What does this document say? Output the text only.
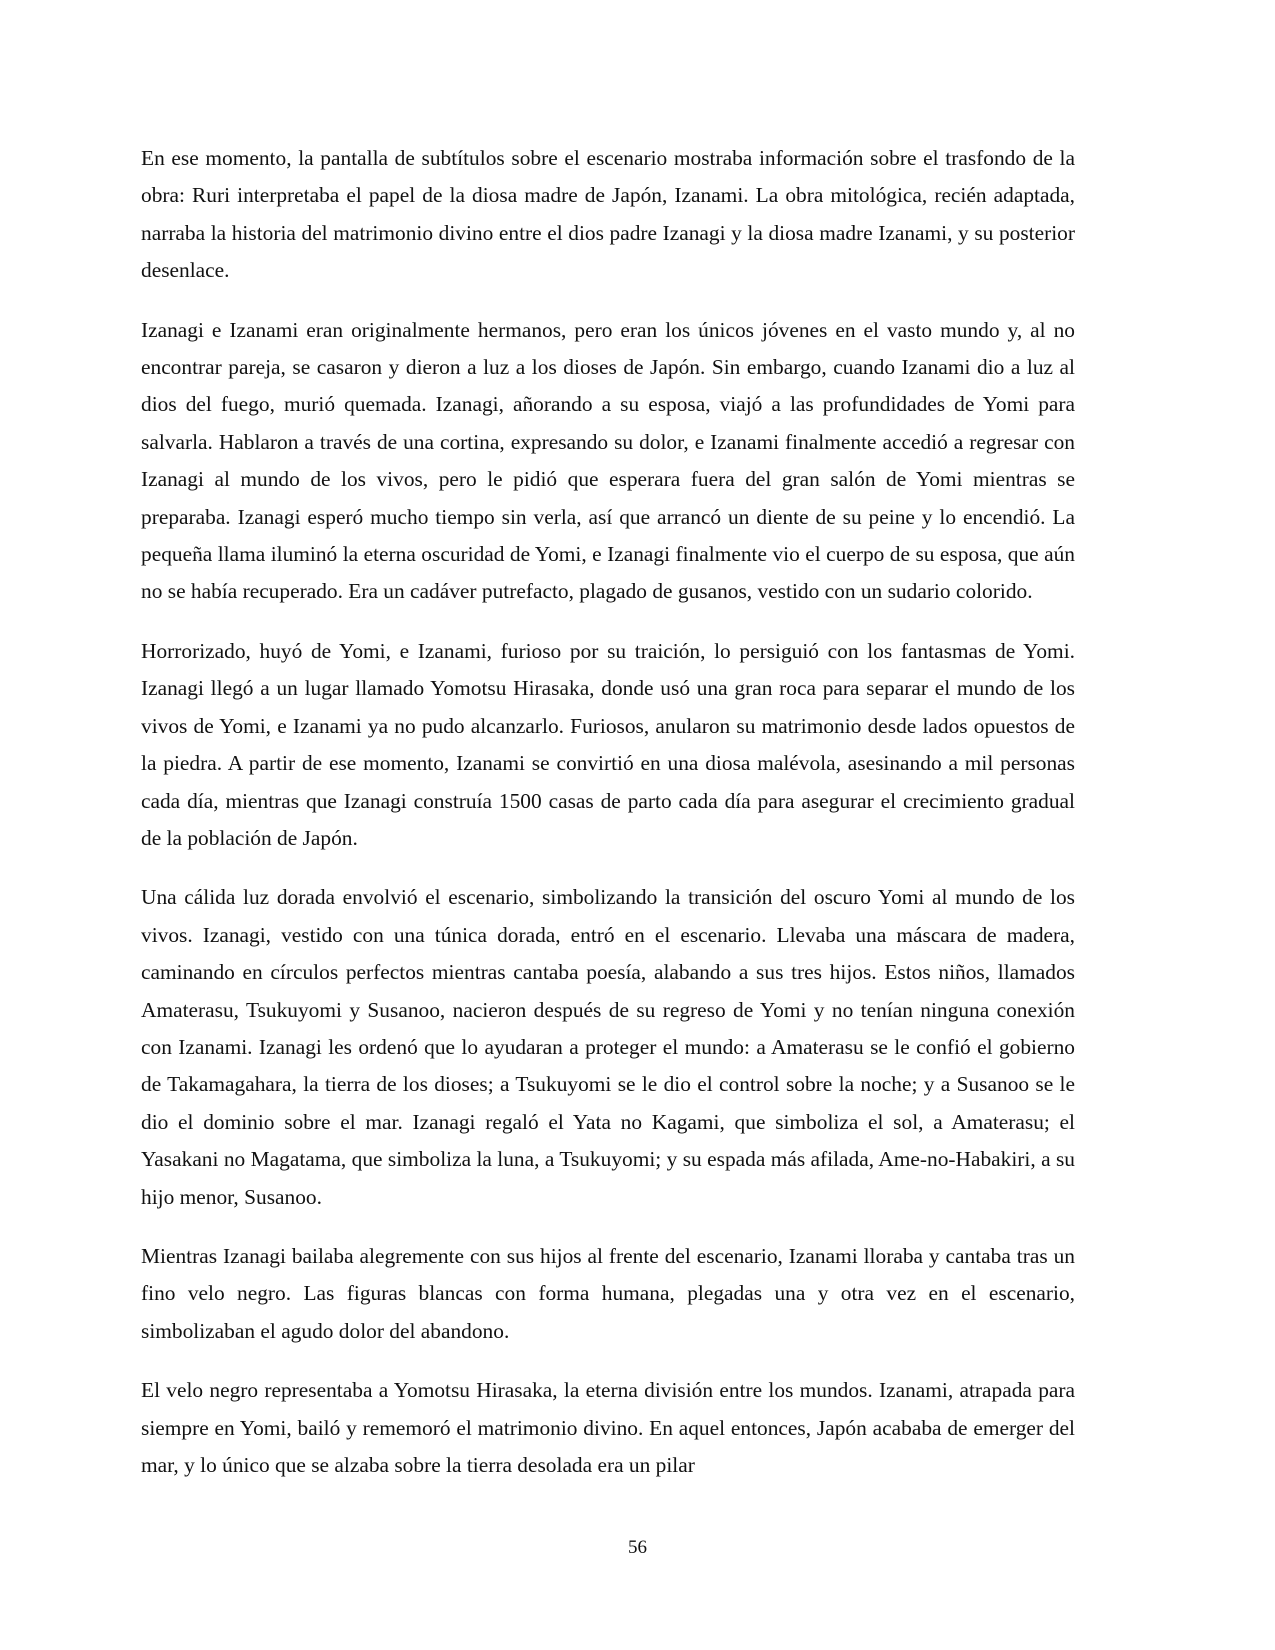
En ese momento, la pantalla de subtítulos sobre el escenario mostraba información sobre el trasfondo de la obra: Ruri interpretaba el papel de la diosa madre de Japón, Izanami. La obra mitológica, recién adaptada, narraba la historia del matrimonio divino entre el dios padre Izanagi y la diosa madre Izanami, y su posterior desenlace.

Izanagi e Izanami eran originalmente hermanos, pero eran los únicos jóvenes en el vasto mundo y, al no encontrar pareja, se casaron y dieron a luz a los dioses de Japón. Sin embargo, cuando Izanami dio a luz al dios del fuego, murió quemada. Izanagi, añorando a su esposa, viajó a las profundidades de Yomi para salvarla. Hablaron a través de una cortina, expresando su dolor, e Izanami finalmente accedió a regresar con Izanagi al mundo de los vivos, pero le pidió que esperara fuera del gran salón de Yomi mientras se preparaba. Izanagi esperó mucho tiempo sin verla, así que arrancó un diente de su peine y lo encendió. La pequeña llama iluminó la eterna oscuridad de Yomi, e Izanagi finalmente vio el cuerpo de su esposa, que aún no se había recuperado. Era un cadáver putrefacto, plagado de gusanos, vestido con un sudario colorido.

Horrorizado, huyó de Yomi, e Izanami, furioso por su traición, lo persiguió con los fantasmas de Yomi. Izanagi llegó a un lugar llamado Yomotsu Hirasaka, donde usó una gran roca para separar el mundo de los vivos de Yomi, e Izanami ya no pudo alcanzarlo. Furiosos, anularon su matrimonio desde lados opuestos de la piedra. A partir de ese momento, Izanami se convirtió en una diosa malévola, asesinando a mil personas cada día, mientras que Izanagi construía 1500 casas de parto cada día para asegurar el crecimiento gradual de la población de Japón.

Una cálida luz dorada envolvió el escenario, simbolizando la transición del oscuro Yomi al mundo de los vivos. Izanagi, vestido con una túnica dorada, entró en el escenario. Llevaba una máscara de madera, caminando en círculos perfectos mientras cantaba poesía, alabando a sus tres hijos. Estos niños, llamados Amaterasu, Tsukuyomi y Susanoo, nacieron después de su regreso de Yomi y no tenían ninguna conexión con Izanami. Izanagi les ordenó que lo ayudaran a proteger el mundo: a Amaterasu se le confió el gobierno de Takamagahara, la tierra de los dioses; a Tsukuyomi se le dio el control sobre la noche; y a Susanoo se le dio el dominio sobre el mar. Izanagi regaló el Yata no Kagami, que simboliza el sol, a Amaterasu; el Yasakani no Magatama, que simboliza la luna, a Tsukuyomi; y su espada más afilada, Ame-no-Habakiri, a su hijo menor, Susanoo.

Mientras Izanagi bailaba alegremente con sus hijos al frente del escenario, Izanami lloraba y cantaba tras un fino velo negro. Las figuras blancas con forma humana, plegadas una y otra vez en el escenario, simbolizaban el agudo dolor del abandono.

El velo negro representaba a Yomotsu Hirasaka, la eterna división entre los mundos. Izanami, atrapada para siempre en Yomi, bailó y rememoró el matrimonio divino. En aquel entonces, Japón acababa de emerger del mar, y lo único que se alzaba sobre la tierra desolada era un pilar

56
